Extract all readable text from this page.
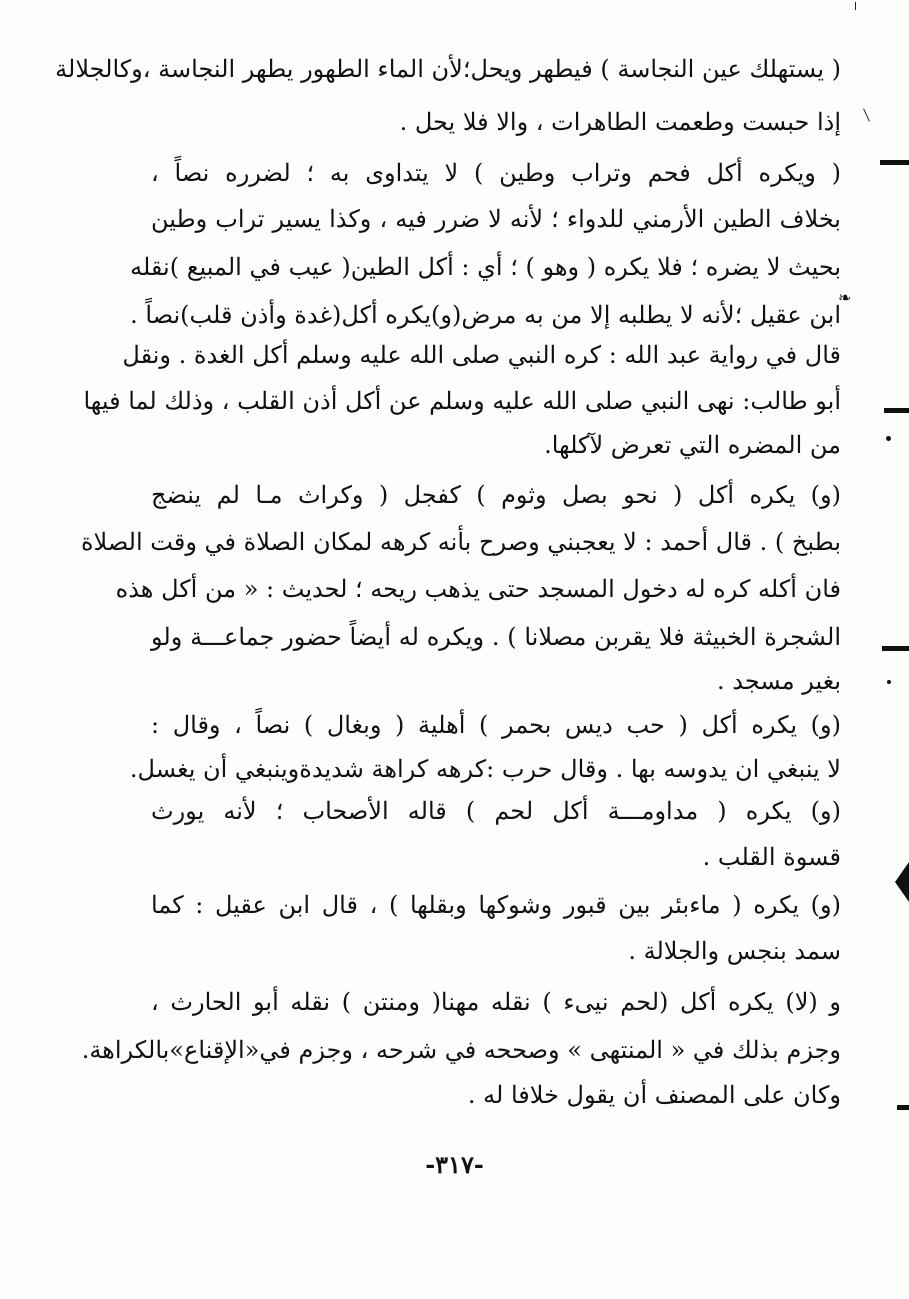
( يستهلك عين النجاسة ) فيطهر ويحل؛لأن الماء الطهور يطهر النجاسة ،وكالجلالة
إذا حبست وطعمت الطاهرات ، والا فلا يحل .
( ويكره أكل فحم وتراب وطين ) لا يتداوى به ؛ لضرره نصاً ،
بخلاف الطين الأرمني للدواء ؛ لأنه لا ضرر فيه ، وكذا يسير تراب وطين
بحيث لا يضره ؛ فلا يكره ( وهو ) ؛ أي : أكل الطين( عيب في المبيع )نقله
ابن عقيل ؛لأنه لا يطلبه إلا من به مرض(و)يكره أكل(غدة وأذن قلب)نصاً .
قال في رواية عبد الله : كره النبي صلى الله عليه وسلم أكل الغدة . ونقل
أبو طالب: نهى النبي صلى الله عليه وسلم عن أكل أذن القلب ، وذلك لما فيها
من المضره التي تعرض لآكلها.
(و) يكره أكل ( نحو بصل وثوم ) كفجل ( وكراث مـا لم ينضج
بطبخ ) . قال أحمد : لا يعجبني وصرح بأنه كرهه لمكان الصلاة في وقت الصلاة
فان أكله كره له دخول المسجد حتى يذهب ريحه ؛ لحديث : « من أكل هذه
الشجرة الخبيثة فلا يقربن مصلانا ) . ويكره له أيضاً حضور جماعـــة ولو
بغير مسجد .
(و) يكره أكل ( حب ديس بحمر ) أهلية ( وبغال ) نصاً ، وقال :
لا ينبغي ان يدوسه بها . وقال حرب :كرهه كراهة شديدةوينبغي أن يغسل.
(و) يكره ( مداومـــة أكل لحم ) قاله الأصحاب ؛ لأنه يورث
قسوة القلب .
(و) يكره ( ماءبئر بين قبور وشوكها وبقلها ) ، قال ابن عقيل : كما
سمد بنجس والجلالة .
و (لا) يكره أكل (لحم نيىء ) نقله مهنا( ومنتن ) نقله أبو الحارث ،
وجزم بذلك في « المنتهى » وصححه في شرحه ، وجزم في«الإقناع»بالكراهة.
وكان على المصنف أن يقول خلافا له .
-٣١٧-
❧
